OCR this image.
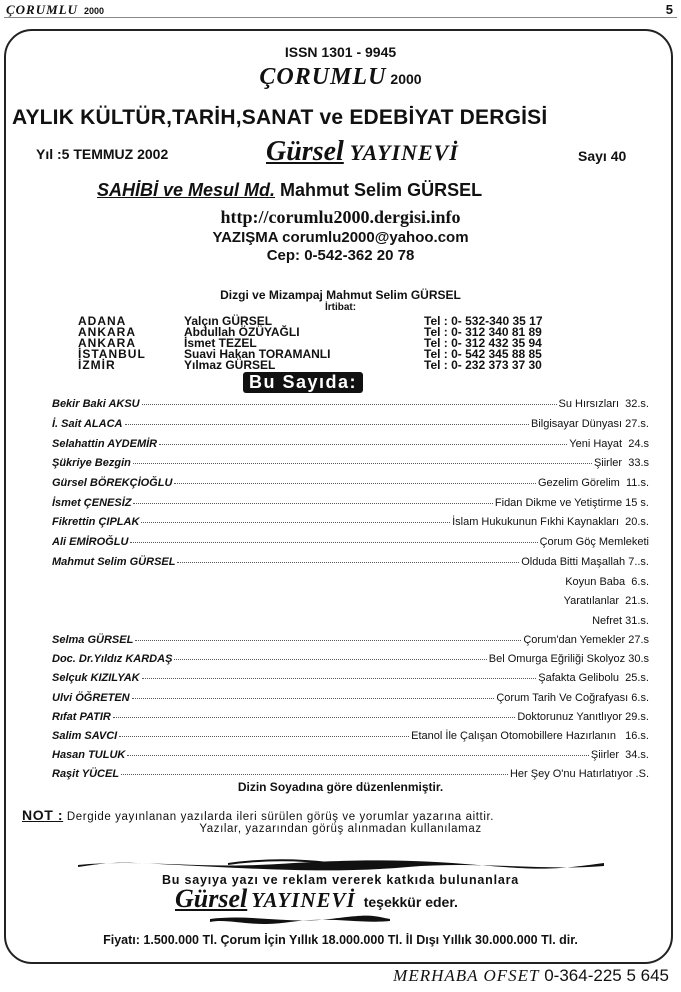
ÇORUMLU 2000	5
ISSN 1301 - 9945
ÇORUMLU 2000
AYLIK KÜLTÜR,TARİH,SANAT ve EDEBİYAT DERGİSİ
Yıl :5 TEMMUZ 2002	Gürsel YAYINEVİ	Sayı 40
SAHİBİ ve Mesul Md. Mahmut Selim GÜRSEL
http://corumlu2000.dergisi.info
YAZIŞMA corumlu2000@yahoo.com
Cep: 0-542-362 20 78
Dizgi ve Mizampaj Mahmut Selim GÜRSEL
İrtibat:
ADANA	Yalçın GÜRSEL	Tel : 0- 532-340 35 17
ANKARA	Abdullah ÖZÜYAĞLI	Tel : 0- 312 340 81 89
ANKARA	İsmet TEZEL	Tel : 0- 312 432 35 94
İSTANBUL	Suavi Hakan TORAMANLI	Tel : 0- 542 345 88 85
İZMİR	Yılmaz GÜRSEL	Tel : 0- 232 373 37 30
Bu Sayıda:
Bekir Baki AKSU	Su Hırsızları 32.s.
İ. Sait ALACA	Bilgisayar Dünyası 27.s.
Selahattin AYDEMİR	Yeni Hayat 24.s
Şükriye Bezgin	Şiirler 33.s
Gürsel BÖREKÇİOĞLU	Gezelim Görelim 11.s.
İsmet ÇENESİZ	Fidan Dikme ve Yetiştirme 15 s.
Fikrettin ÇIPLAK	İslam Hukukunun Fıkhi Kaynakları 20.s.
Ali EMİROĞLU	Çorum Göç Memleketi
Mahmut Selim GÜRSEL	Olduda Bitti Maşallah 7..s.
Koyun Baba 6.s.
Yaratılanlar 21.s.
Nefret 31.s.
Selma GÜRSEL	Çorum'dan Yemekler 27.s
Doc. Dr.Yıldız KARDAŞ	Bel Omurga Eğriliği Skolyoz 30.s
Selçuk KIZILYAK	Şafakta Gelibolu 25.s.
Ulvi ÖĞRETEN	Çorum Tarih Ve Coğrafyası 6.s.
Rıfat PATIR	Doktorunuz Yanıtlıyor 29.s.
Salim SAVCI	Etanol İle Çalışan Otomobillere Hazırlanın 16.s.
Hasan TULUK	Şiirler 34.s.
Raşit YÜCEL	Her Şey O'nu Hatırlatıyor .S.
Dizin Soyadına göre düzenlenmiştir.
NOT : Dergide yayınlanan yazılarda ileri sürülen görüş ve yorumlar yazarına aittir.
Yazılar, yazarından görüş alınmadan kullanılamaz
Bu sayıya yazı ve reklam vererek katkıda bulunanlara
Gürsel YAYINEVİ teşekkür eder.
Fiyatı: 1.500.000 Tl. Çorum İçin Yıllık 18.000.000 Tl. İl Dışı Yıllık 30.000.000 Tl. dir.
MERHABA OFSET 0-364-225 5 645
